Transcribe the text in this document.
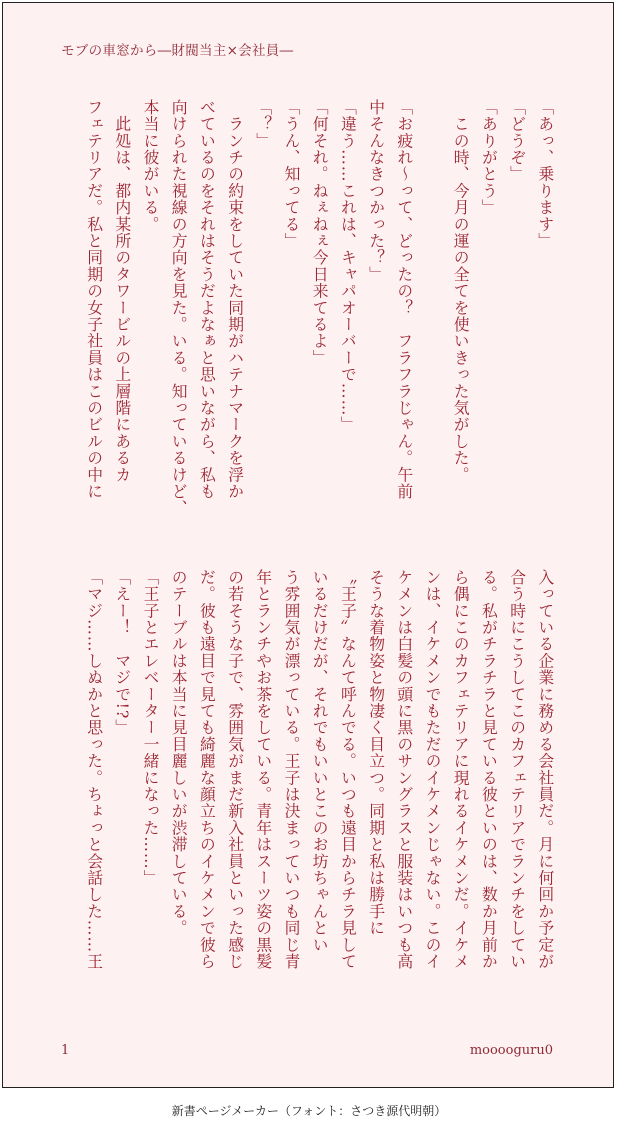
モブの車窓から―財閥当主×会社員―
「あっ、乗ります」
「どうぞ」
「ありがとう」
　この時、今月の運の全てを使いきった気がした。
「お疲れ～って、どったの？　フラフラじゃん。午前
中そんなきつかった？」
「違う……これは、キャパオーバーで……」
「何それ。ねぇねぇ今日来てるよ」
「うん、知ってる」
「？」
　ランチの約束をしていた同期がハテナマークを浮か
べているのをそれはそうだよなぁと思いながら、私も
向けられた視線の方向を見た。いる。知っているけど、
本当に彼がいる。
　此処は、都内某所のタワービルの上層階にあるカ
フェテリアだ。私と同期の女子社員はこのビルの中に
入っている企業に務める会社員だ。月に何回か予定が
合う時にこうしてこのカフェテリアでランチをしてい
る。私がチラチラと見ている彼といのは、数か月前か
ら偶にこのカフェテリアに現れるイケメンだ。イケメ
ンは、イケメンでもただのイケメンじゃない。このイ
ケメンは白髪の頭に黒のサングラスと服装はいつも高
そうな着物姿と物凄く目立つ。同期と私は勝手に
〝王子〟なんて呼んでる。いつも遠目からチラ見して
いるだけだが、それでもいいとこのお坊ちゃんとい
う雰囲気が漂っている。王子は決まっていつも同じ青
年とランチやお茶をしている。青年はスーツ姿の黒髪
の若そうな子で、雰囲気がまだ新入社員といった感じ
だ。彼も遠目で見ても綺麗な顔立ちのイケメンで彼ら
のテーブルは本当に見目麗しいが渋滞している。
「王子とエレベーター一緒になった……」
「えー！　マジで!?」
「マジ……しぬかと思った。ちょっと会話した……王
1	mooooguru0
新書ページメーカー（フォント：さつき源代明朝）
